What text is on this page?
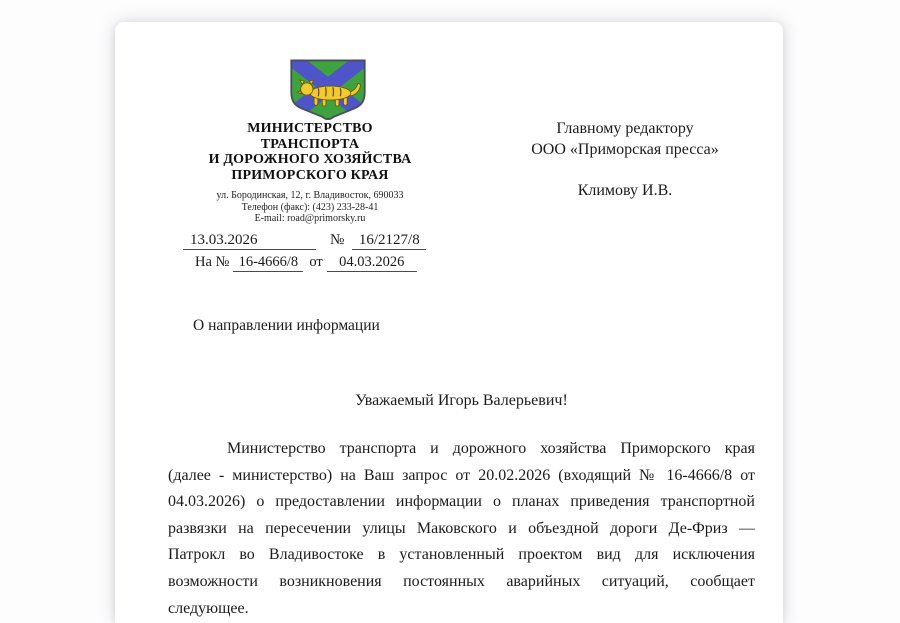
МИНИСТЕРСТВО
ТРАНСПОРТА
И ДОРОЖНОГО ХОЗЯЙСТВА
ПРИМОРСКОГО КРАЯ
ул. Бородинская, 12, г. Владивосток, 690033
Телефон (факс): (423) 233-28-41
E-mail: road@primorsky.ru
13.03.2026	№ 16/2127/8
На № 16-4666/8 от 04.03.2026
Главному редактору
ООО «Приморская пресса»
Климову И.В.
О направлении информации
Уважаемый Игорь Валерьевич!
Министерство транспорта и дорожного хозяйства Приморского края
(далее - министерство) на Ваш запрос от 20.02.2026 (входящий № 16-4666/8 от
04.03.2026) о предоставлении информации о планах приведения транспортной
развязки на пересечении улицы Маковского и объездной дороги Де-Фриз —
Патрокл во Владивостоке в установленный проектом вид для исключения
возможности возникновения постоянных аварийных ситуаций, сообщает
следующее.
